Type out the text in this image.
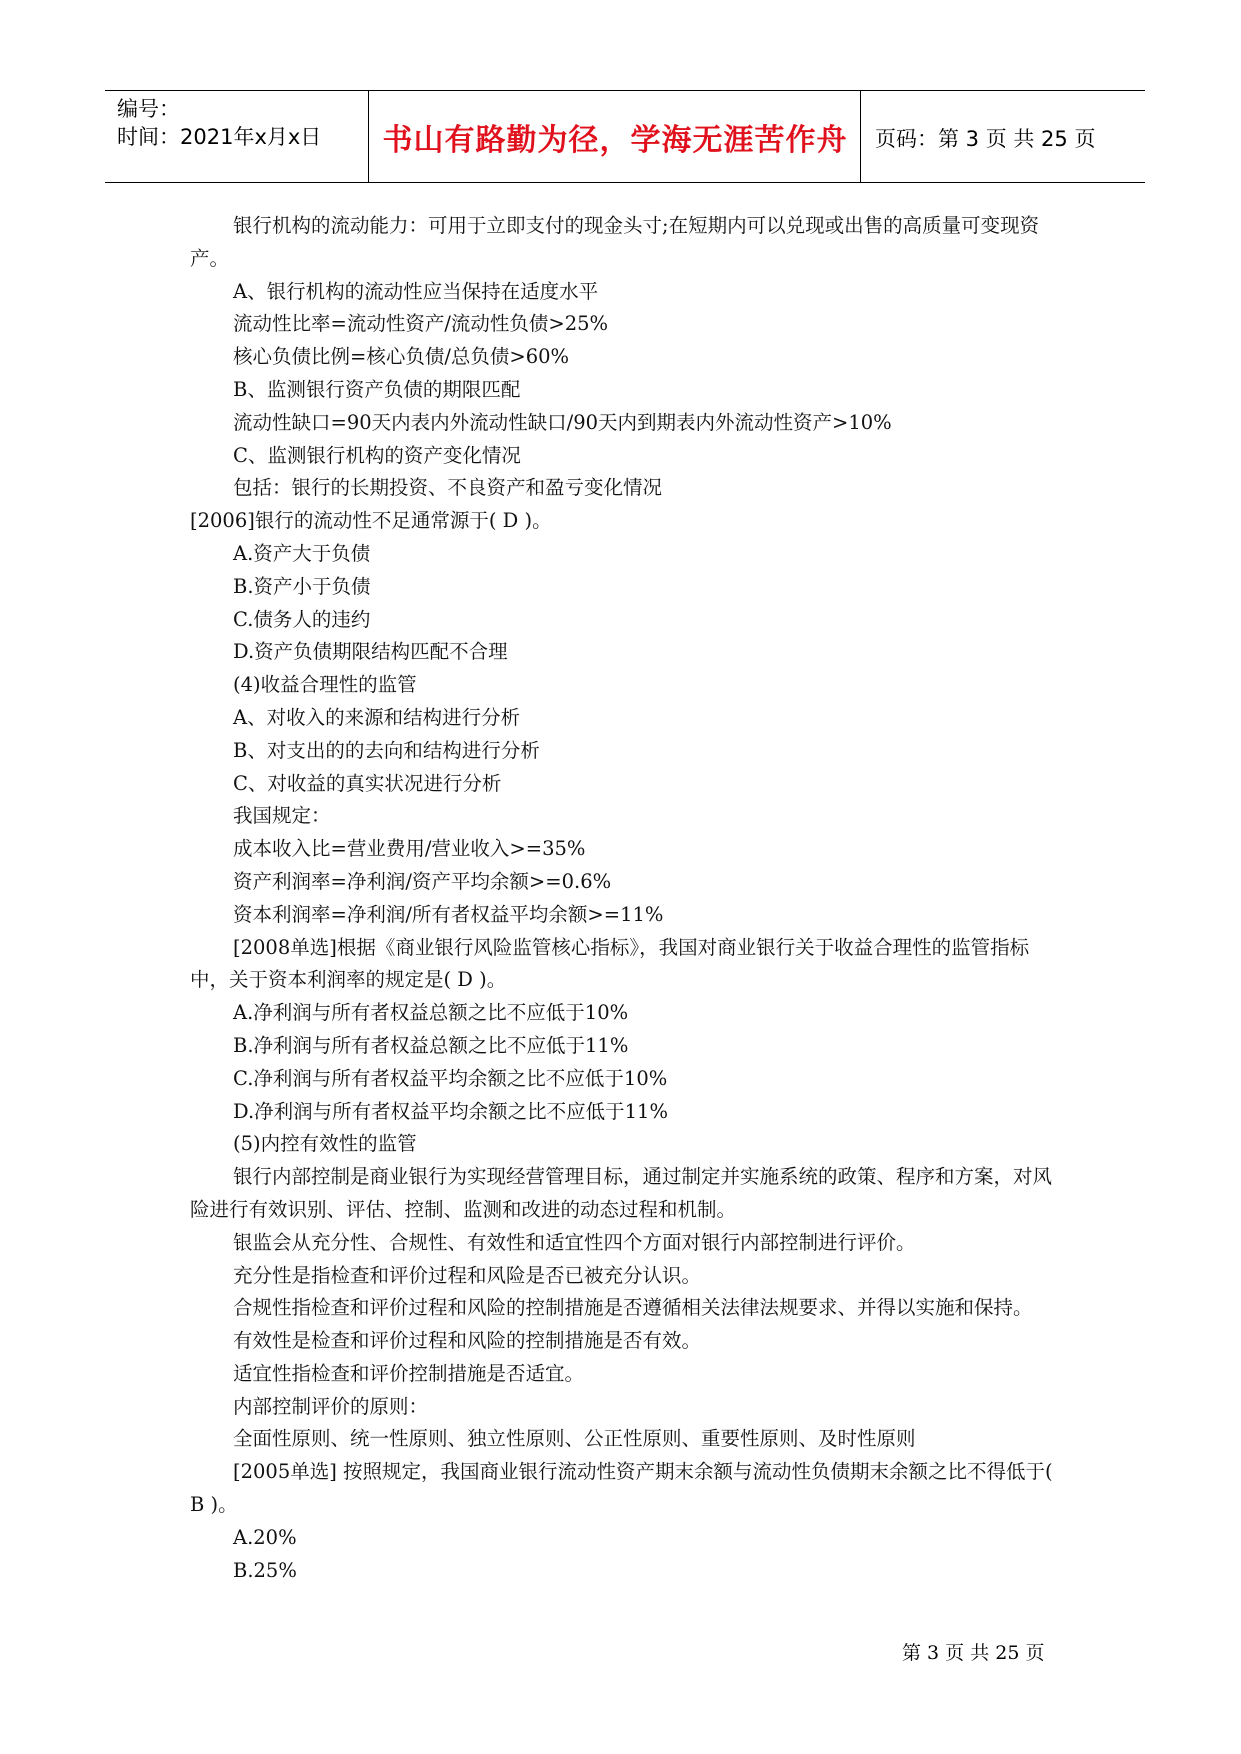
编号：
时间：2021年x月x日	书山有路勤为径，学海无涯苦作舟	页码：第 3 页 共 25 页

银行机构的流动能力：可用于立即支付的现金头寸;在短期内可以兑现或出售的高质量可变现资产。

A、银行机构的流动性应当保持在适度水平

流动性比率=流动性资产/流动性负债>25%

核心负债比例=核心负债/总负债>60%

B、监测银行资产负债的期限匹配

流动性缺口=90天内表内外流动性缺口/90天内到期表内外流动性资产>10%

C、监测银行机构的资产变化情况

包括：银行的长期投资、不良资产和盈亏变化情况

[2006]银行的流动性不足通常源于( D )。

A.资产大于负债

B.资产小于负债

C.债务人的违约

D.资产负债期限结构匹配不合理

(4)收益合理性的监管

A、对收入的来源和结构进行分析

B、对支出的的去向和结构进行分析

C、对收益的真实状况进行分析

我国规定：

成本收入比=营业费用/营业收入>=35%

资产利润率=净利润/资产平均余额>=0.6%

资本利润率=净利润/所有者权益平均余额>=11%

[2008单选]根据《商业银行风险监管核心指标》，我国对商业银行关于收益合理性的监管指标中，关于资本利润率的规定是( D )。

A.净利润与所有者权益总额之比不应低于10%

B.净利润与所有者权益总额之比不应低于11%

C.净利润与所有者权益平均余额之比不应低于10%

D.净利润与所有者权益平均余额之比不应低于11%

(5)内控有效性的监管

银行内部控制是商业银行为实现经营管理目标，通过制定并实施系统的政策、程序和方案，对风险进行有效识别、评估、控制、监测和改进的动态过程和机制。

银监会从充分性、合规性、有效性和适宜性四个方面对银行内部控制进行评价。

充分性是指检查和评价过程和风险是否已被充分认识。

合规性指检查和评价过程和风险的控制措施是否遵循相关法律法规要求、并得以实施和保持。

有效性是检查和评价过程和风险的控制措施是否有效。

适宜性指检查和评价控制措施是否适宜。

内部控制评价的原则：

全面性原则、统一性原则、独立性原则、公正性原则、重要性原则、及时性原则

[2005单选] 按照规定，我国商业银行流动性资产期末余额与流动性负债期末余额之比不得低于( B )。

A.20%

B.25%

第 3 页 共 25 页
